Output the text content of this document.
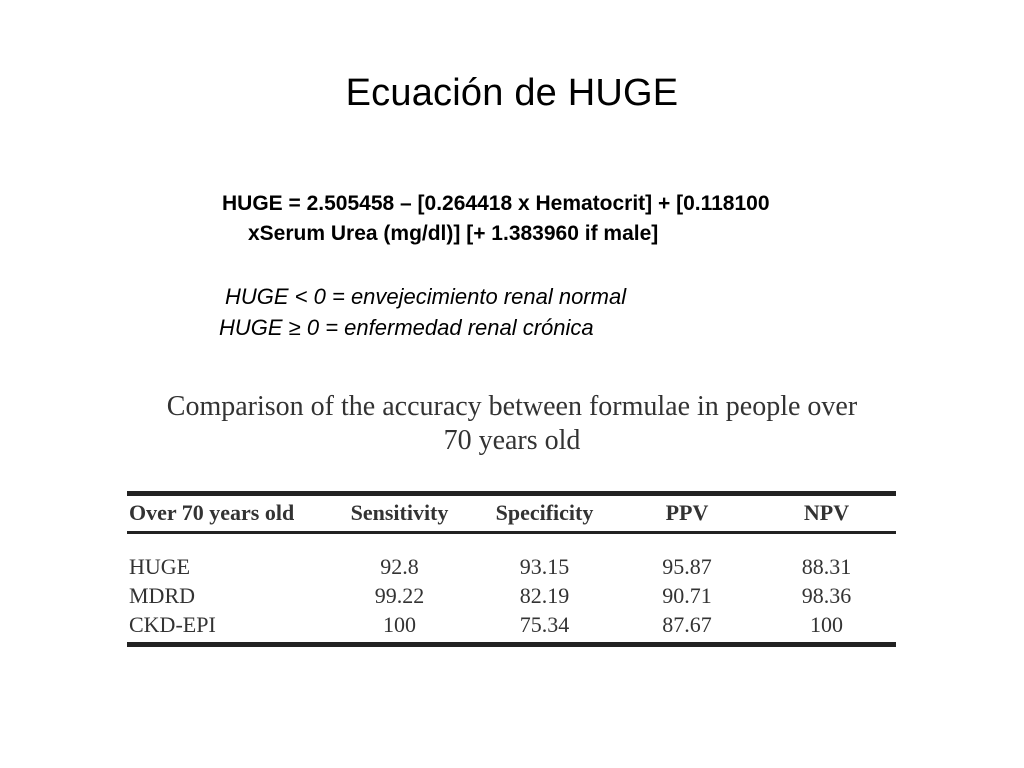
Ecuación de HUGE
HUGE = 2.505458 – [0.264418 x Hematocrit] + [0.118100
xSerum Urea (mg/dl)] [+ 1.383960 if male]
HUGE < 0 = envejecimiento renal normal
HUGE ≥ 0 = enfermedad renal crónica
Comparison of the accuracy between formulae in people over
70 years old
Over 70 years old	Sensitivity	Specificity	PPV	NPV

HUGE	92.8	93.15	95.87	88.31
MDRD	99.22	82.19	90.71	98.36
CKD-EPI	100	75.34	87.67	100
